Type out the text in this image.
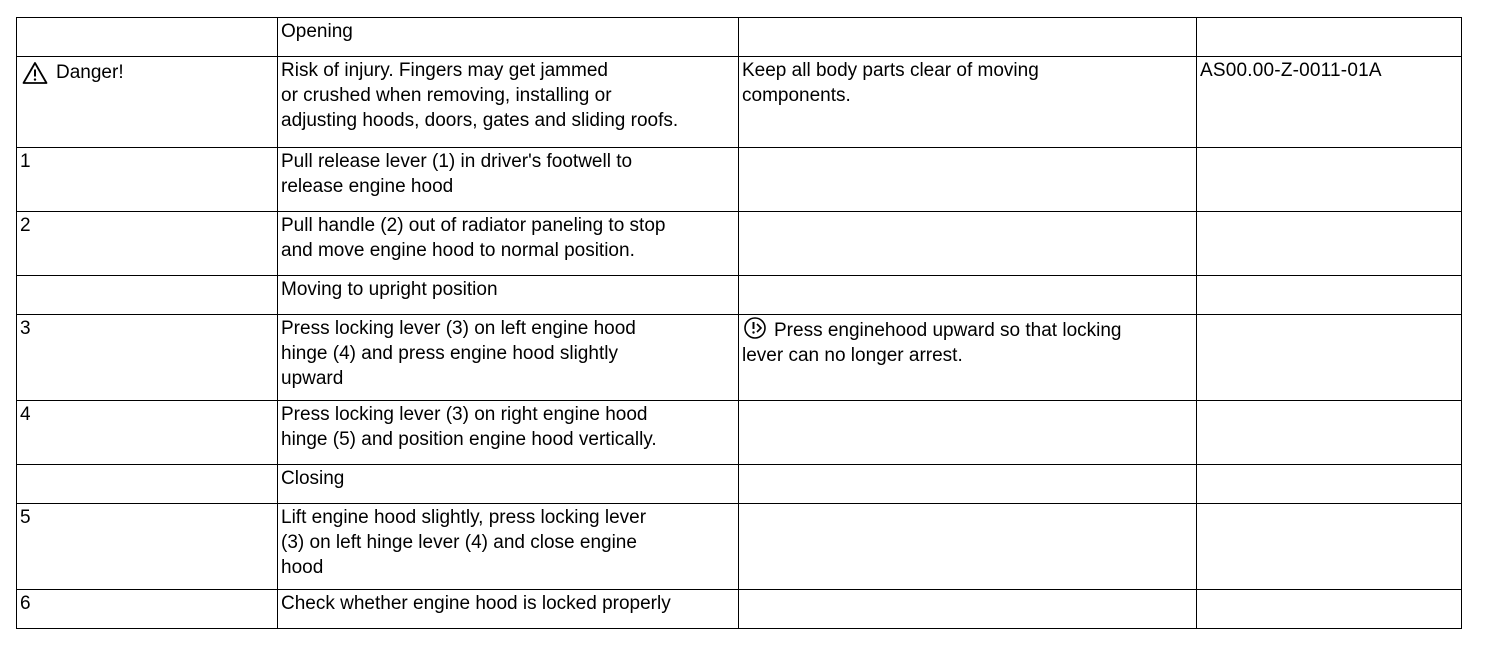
	Opening		

Danger!	Risk of injury. Fingers may get jammed
or crushed when removing, installing or
adjusting hoods, doors, gates and sliding roofs.	Keep all body parts clear of moving
components.	AS00.00-Z-0011-01A
1	Pull release lever (1) in driver's footwell to
release engine hood		
2	Pull handle (2) out of radiator paneling to stop
and move engine hood to normal position.		
	Moving to upright position		
3	Press locking lever (3) on left engine hood
hinge (4) and press engine hood slightly
upward	Press enginehood upward so that locking
lever can no longer arrest.	
4	Press locking lever (3) on right engine hood
hinge (5) and position engine hood vertically.		
	Closing		
5	Lift engine hood slightly, press locking lever
(3) on left hinge lever (4) and close engine
hood		
6	Check whether engine hood is locked properly		
